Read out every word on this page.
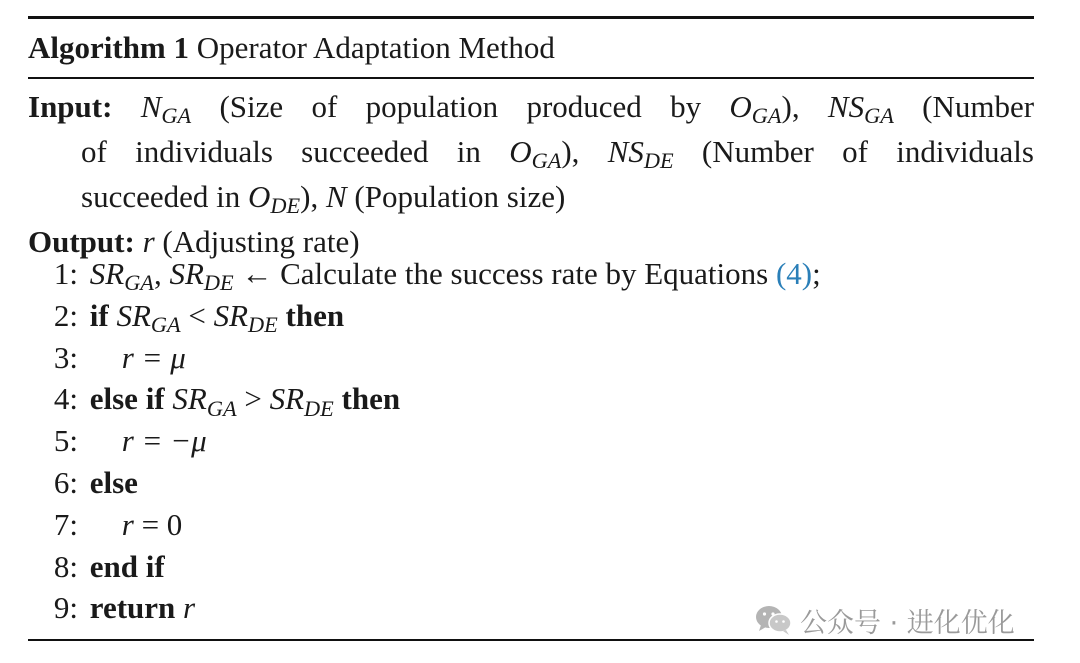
Algorithm 1 Operator Adaptation Method
Input: $N_{GA}$ (Size of population produced by $O_{GA}$), $NS_{GA}$ (Number
of individuals succeeded in $O_{GA}$), $NS_{DE}$ (Number of individuals
succeeded in $O_{DE}$), N (Population size)
Output: r (Adjusting rate)
1: $SR_{GA}$, $SR_{DE}$ ← Calculate the success rate by Equations (4);
2: if $SR_{GA} < SR_{DE}$ then
3: r = μ
4: else if $SR_{GA} > SR_{DE}$ then
5: r = −μ
6: else
7: r = 0
8: end if
9: return r	公众号 · 进化优化
